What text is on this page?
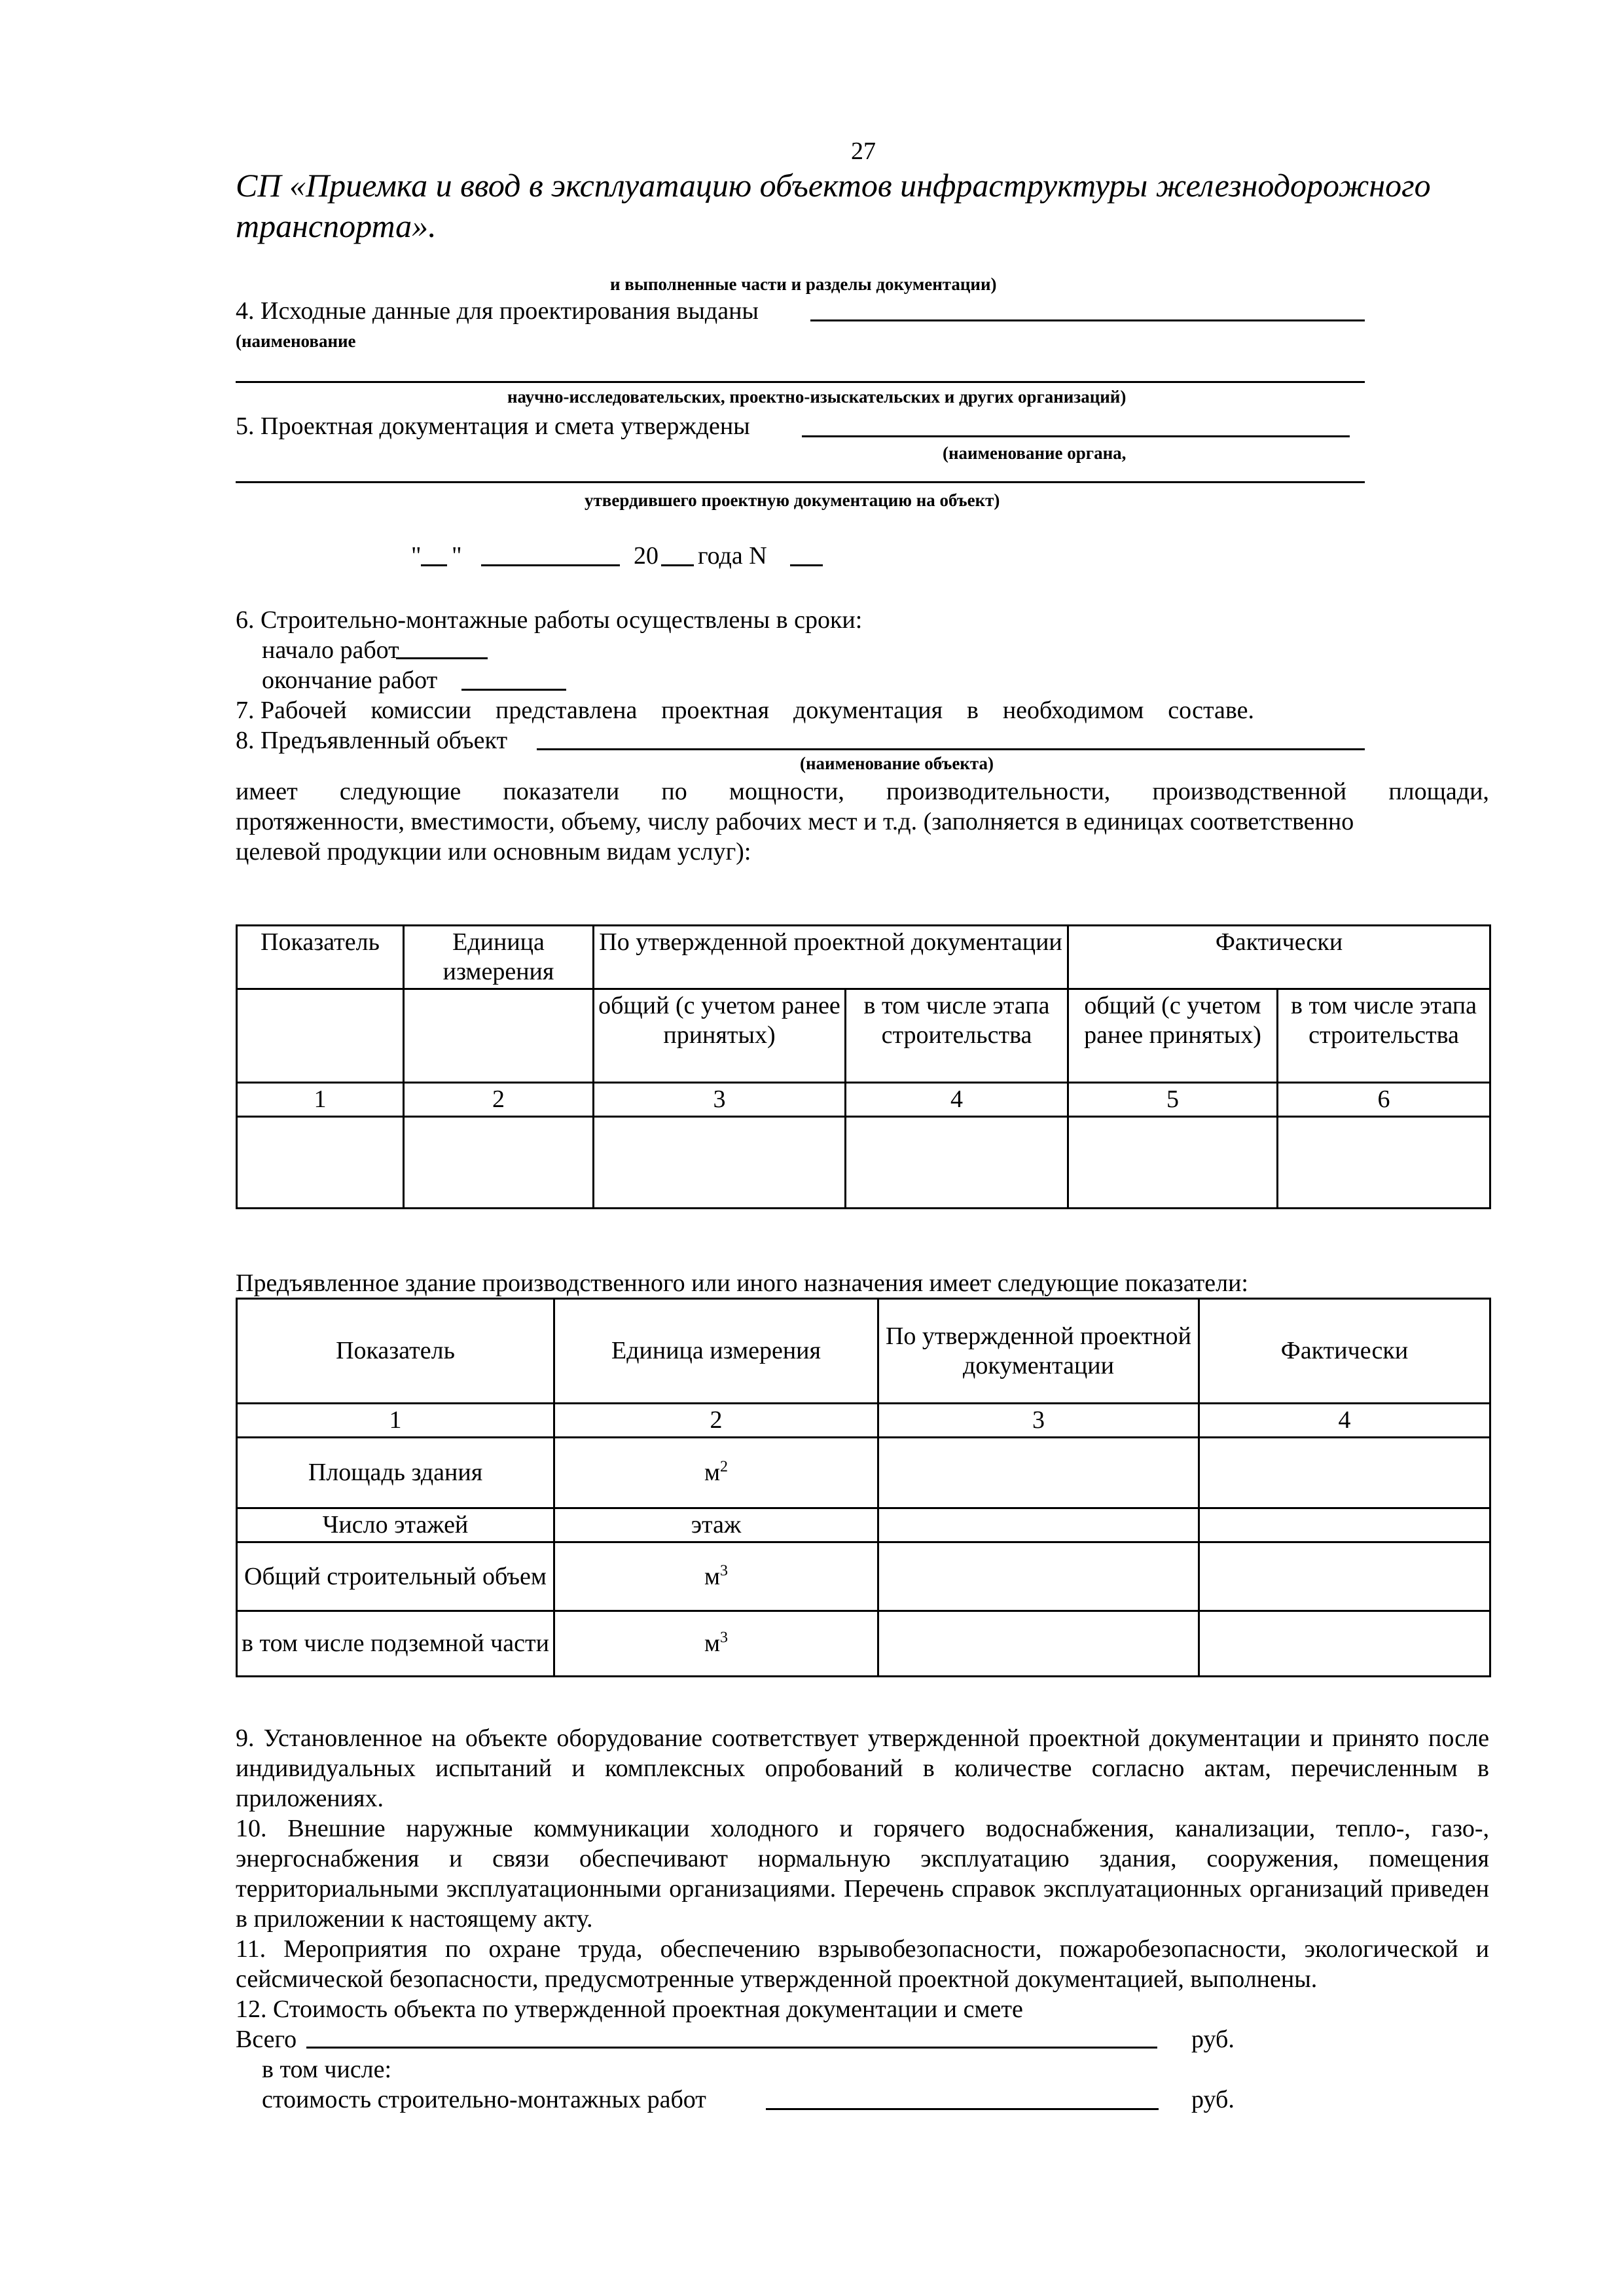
27
СП «Приемка и ввод в эксплуатацию объектов инфраструктуры железнодорожного транспорта».
и выполненные части и разделы документации)
4. Исходные данные для проектирования выданы
(наименование
научно-исследовательских, проектно-изыскательских и других организаций)
5. Проектная документация и смета утверждены
(наименование органа,
утвердившего проектную документацию на объект)
" "	20 года N
6. Строительно-монтажные работы осуществлены в сроки:
начало работ
окончание работ
7. Рабочей комиссии представлена проектная документация в необходимом составе.
8. Предъявленный объект
(наименование объекта)
имеет следующие показатели по мощности, производительности, производственной площади,
протяженности, вместимости, объему, числу рабочих мест и т.д. (заполняется в единицах соответственно
целевой продукции или основным видам услуг):
Показатель	Единица измерения	По утвержденной проектной документации		Фактически	
		общий (с учетом ранее принятых)	в том числе этапа строительства	общий (с учетом ранее принятых)	в том числе этапа строительства
1	2	3	4	5	6

Предъявленное здание производственного или иного назначения имеет следующие показатели:
Показатель	Единица измерения	По утвержденной проектной документации	Фактически
1	2	3	4
Площадь здания	$м^2$		
Число этажей	этаж		
Общий строительный объем	$м^3$		
в том числе подземной части	$м^3$		
9. Установленное на объекте оборудование соответствует утвержденной проектной документации и принято после индивидуальных испытаний и комплексных опробований в количестве согласно актам, перечисленным в приложениях.
10. Внешние наружные коммуникации холодного и горячего водоснабжения, канализации, тепло-, газо-, энергоснабжения и связи обеспечивают нормальную эксплуатацию здания, сооружения, помещения территориальными эксплуатационными организациями. Перечень справок эксплуатационных организаций приведен в приложении к настоящему акту.
11. Мероприятия по охране труда, обеспечению взрывобезопасности, пожаробезопасности, экологической и сейсмической безопасности, предусмотренные утвержденной проектной документацией, выполнены.
12. Стоимость объекта по утвержденной проектная документации и смете
Всего	руб.
в том числе:
стоимость строительно-монтажных работ	руб.
